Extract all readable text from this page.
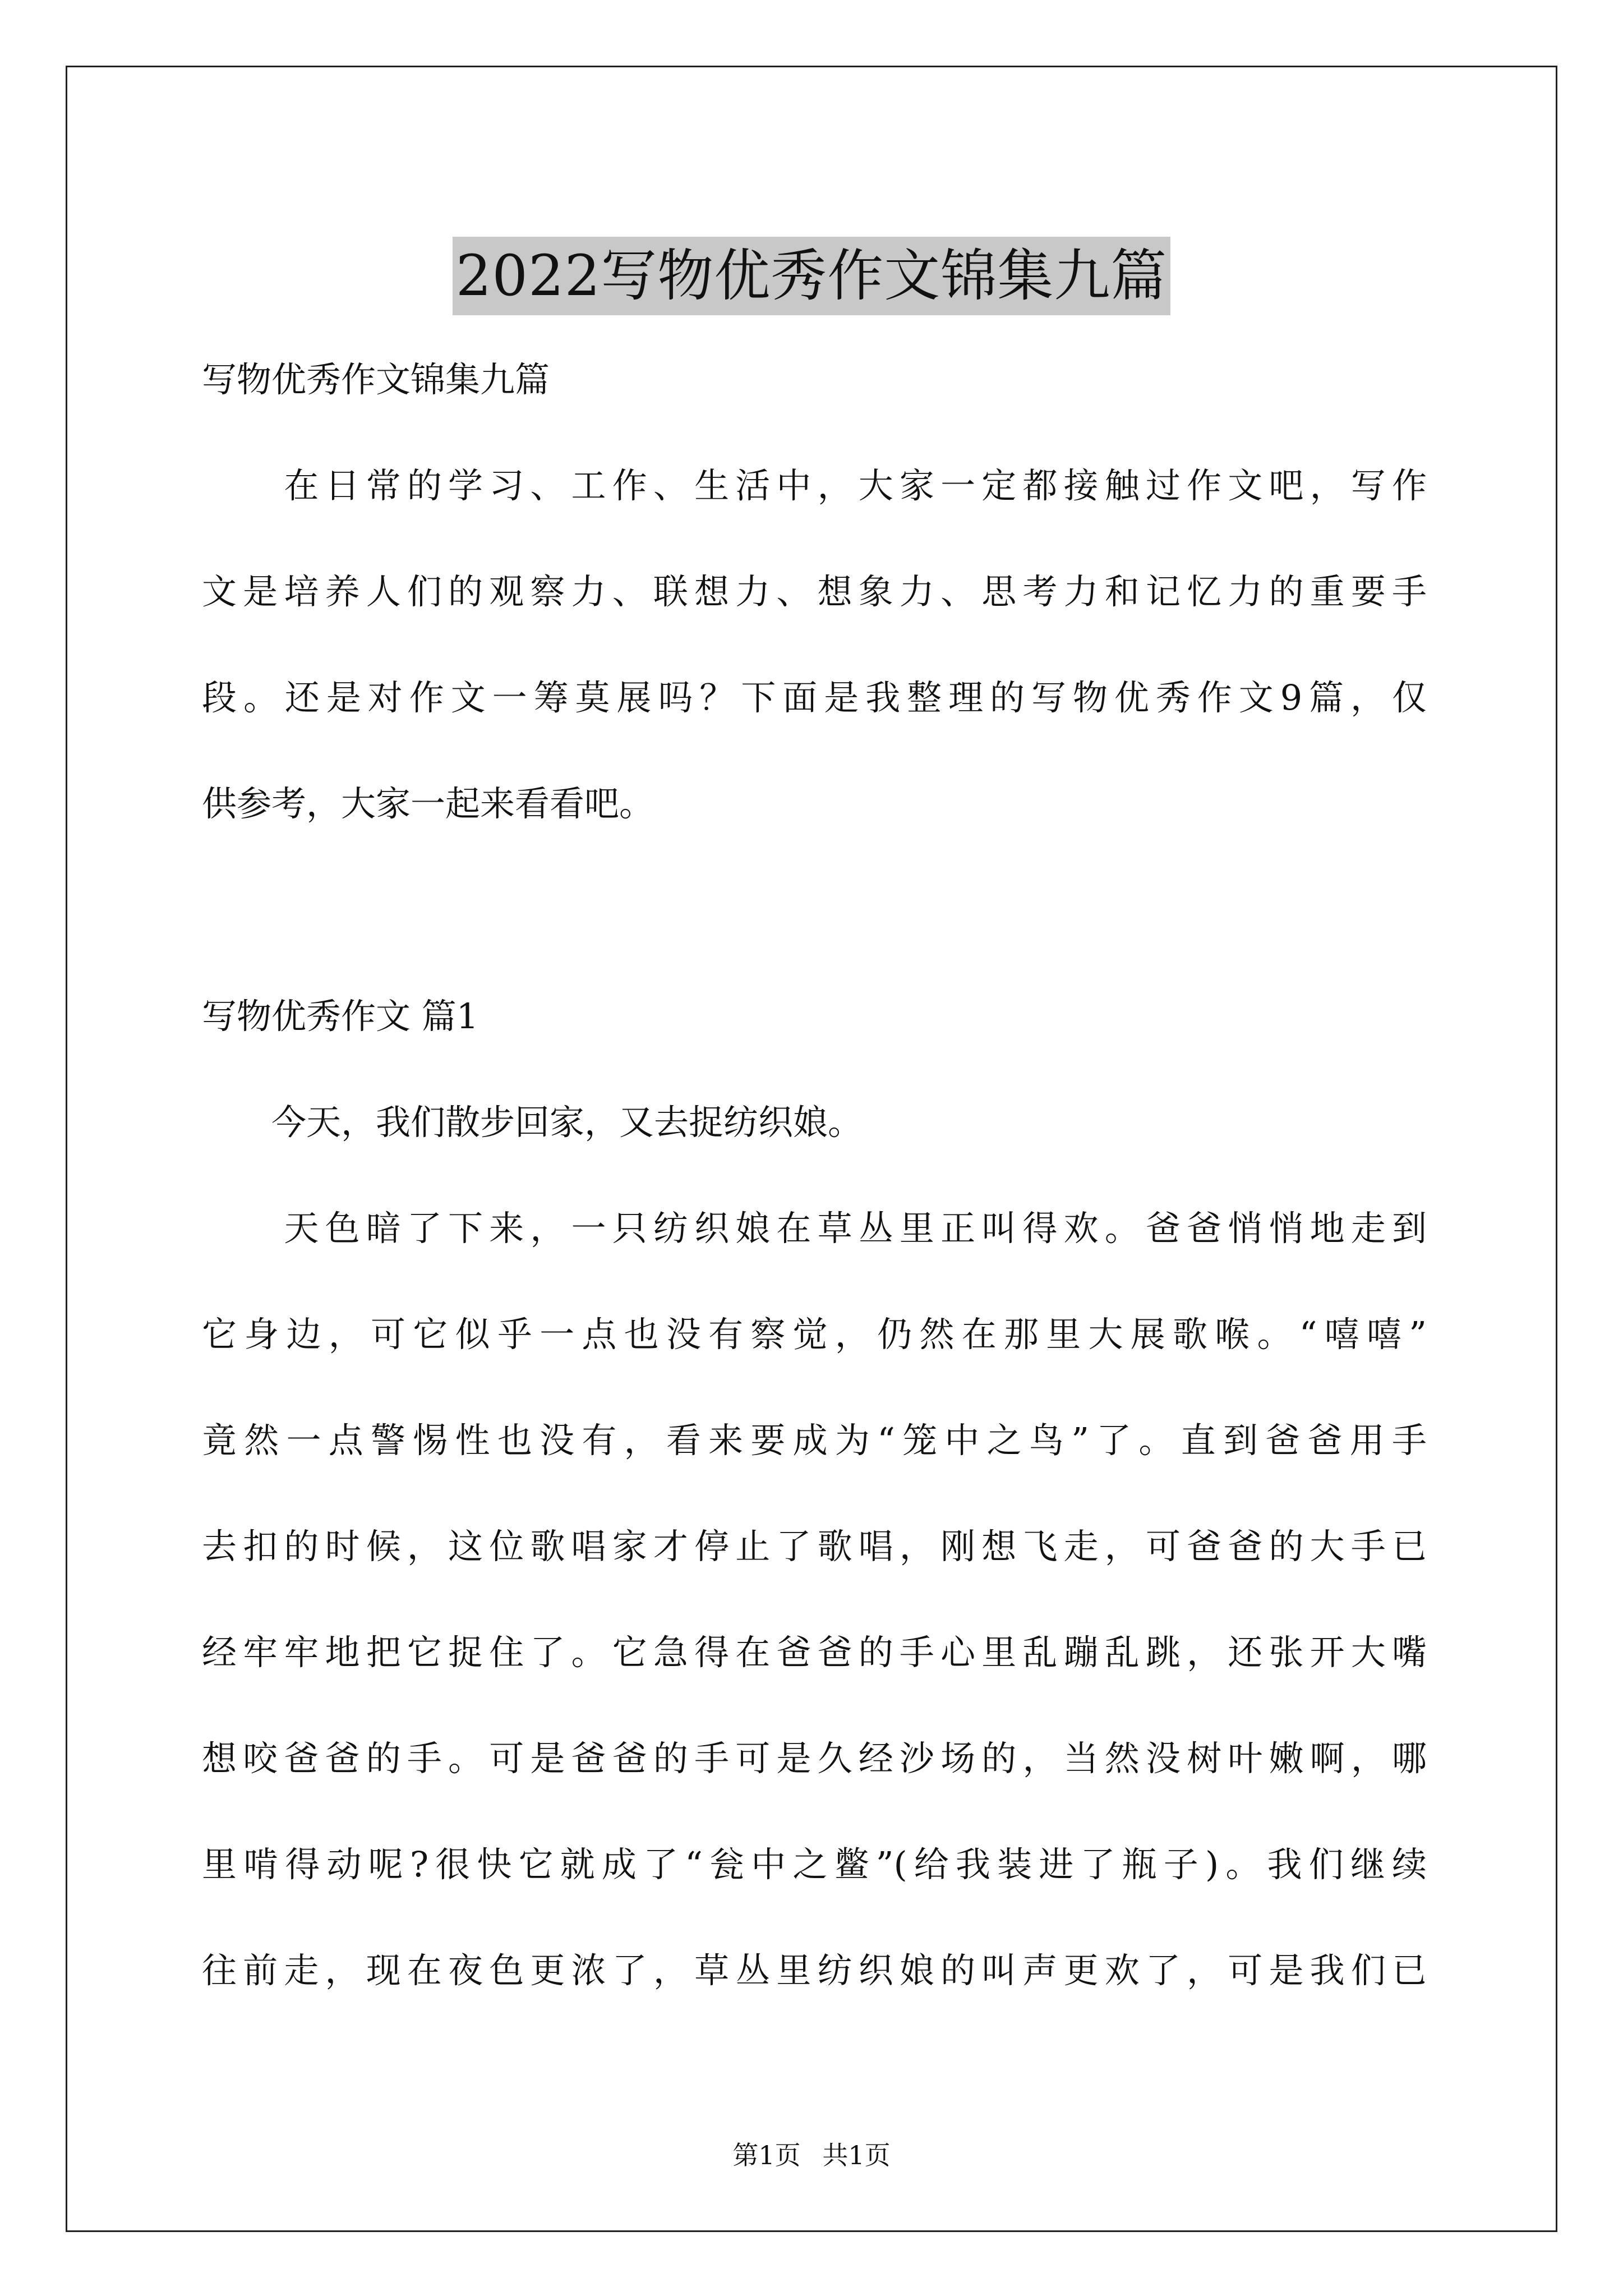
2022写物优秀作文锦集九篇
写物优秀作文锦集九篇
　　在日常的学习、工作、生活中，大家一定都接触过作文吧，写作
文是培养人们的观察力、联想力、想象力、思考力和记忆力的重要手
段。还是对作文一筹莫展吗？下面是我整理的写物优秀作文9篇，仅
供参考，大家一起来看看吧。
写物优秀作文 篇1
　　今天，我们散步回家，又去捉纺织娘。
　　天色暗了下来，一只纺织娘在草丛里正叫得欢。爸爸悄悄地走到
它身边，可它似乎一点也没有察觉，仍然在那里大展歌喉。“嘻嘻”
竟然一点警惕性也没有，看来要成为“笼中之鸟”了。直到爸爸用手
去扣的时候，这位歌唱家才停止了歌唱，刚想飞走，可爸爸的大手已
经牢牢地把它捉住了。它急得在爸爸的手心里乱蹦乱跳，还张开大嘴
想咬爸爸的手。可是爸爸的手可是久经沙场的，当然没树叶嫩啊，哪
里啃得动呢?很快它就成了“瓮中之鳖”(给我装进了瓶子)。我们继续
往前走，现在夜色更浓了，草丛里纺织娘的叫声更欢了，可是我们已
第1页 共1页
